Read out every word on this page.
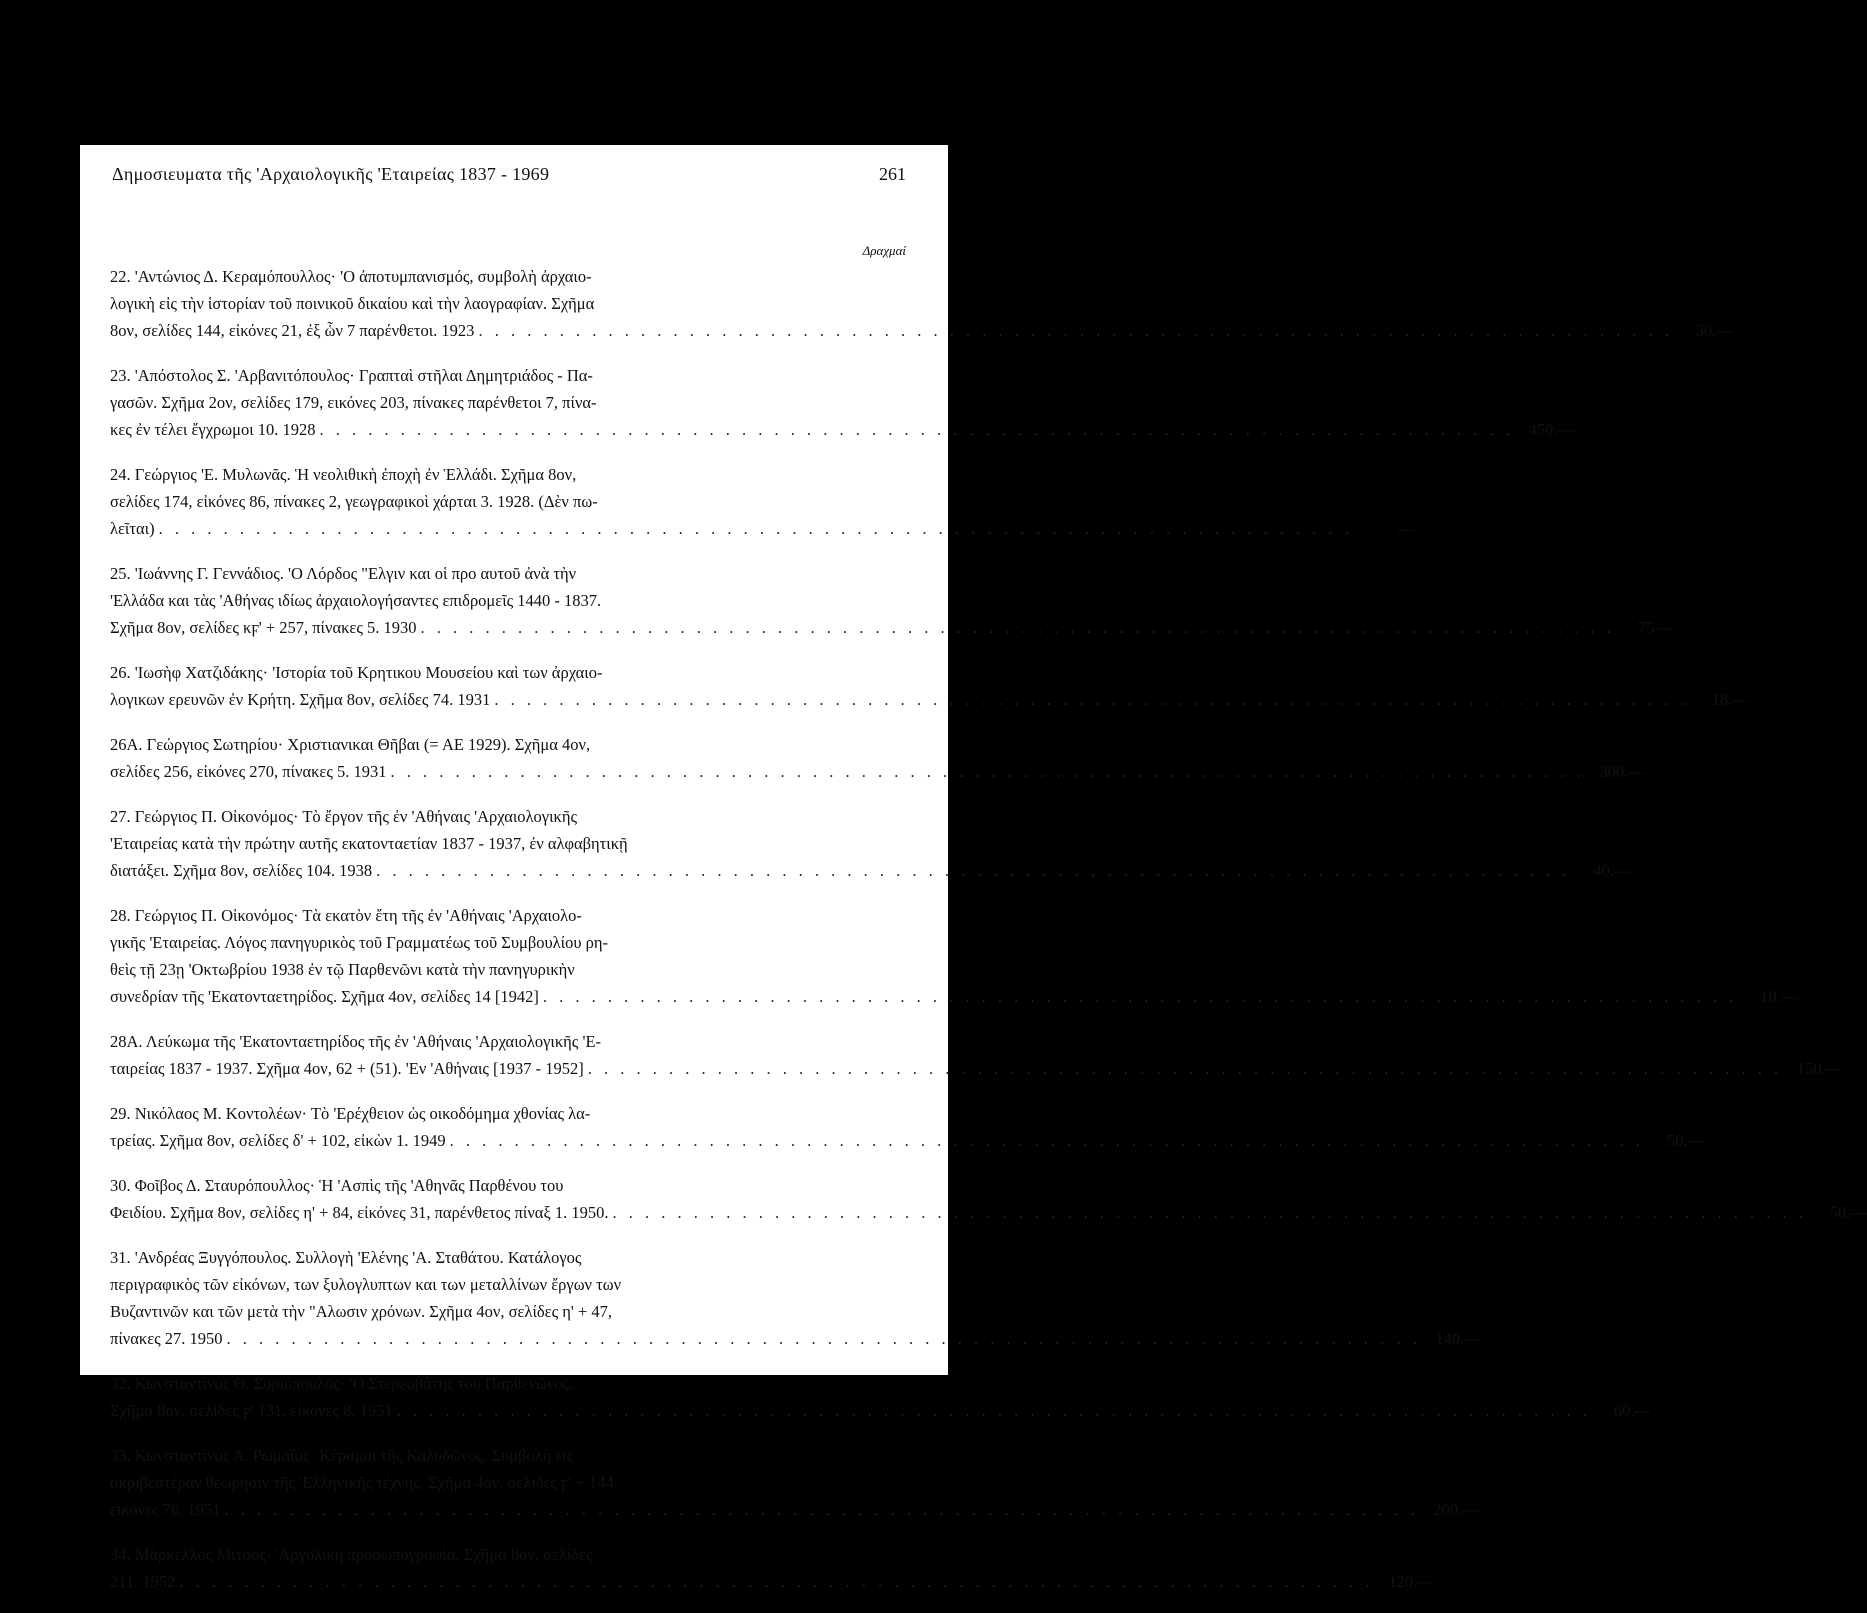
Δημοσιευματα τῆς 'Αρχαιολογικῆς 'Εταιρείας 1837 - 1969	261
Δραχμαί
22. 'Αντώνιος Δ. Κεραμόπουλλος· 'Ο ἀποτυμπανισμός, συμβολὴ ἀρχαιο-
λογικὴ εἰς τὴν ἱστορίαν τοῦ ποινικοῦ δικαίου καὶ τὴν λαογραφίαν. Σχῆμα
8ον, σελίδες 144, εἰκόνες 21, ἐξ ὧν 7 παρένθετοι. 1923 . . .	30.—
23. 'Απόστολος Σ. 'Αρβανιτόπουλος· Γραπταὶ στῆλαι Δημητριάδος - Πα-
γασῶν. Σχῆμα 2ον, σελίδες 179, εικόνες 203, πίνακες παρένθετοι 7, πίνα-
κες ἐν τέλει ἔγχρωμοι 10. 1928 . . .	450.—
24. Γεώργιος 'Ε. Μυλωνᾶς. Ἡ νεολιθικὴ ἐποχὴ ἐν Ἑλλάδι. Σχῆμα 8ον,
σελίδες 174, εἰκόνες 86, πίνακες 2, γεωγραφικοὶ χάρται 3. 1928. (Δὲν πω-
λεῖται) . . .	—
25. 'Ιωάννης Γ. Γεννάδιος. 'Ο Λόρδος "Ελγιν και οἱ προ αυτοῦ ἀνὰ τὴν
'Ελλάδα και τὰς 'Αθήνας ιδίως ἀρχαιολογήσαντες επιδρομεῖς 1440 - 1837.
Σχῆμα 8ον, σελίδες κϝ' + 257, πίνακες 5. 1930 . . .	75 —
26. 'Ιωσὴφ Χατζιδάκης· 'Ιστορία τοῦ Κρητικου Μουσείου καὶ των ἀρχαιο-
λογικων ερευνῶν ἐν Κρήτη. Σχῆμα 8ον, σελίδες 74. 1931 . . .	18.—
26Α. Γεώργιος Σωτηρίου· Χριστιανικαι Θῆβαι (= ΑΕ 1929). Σχῆμα 4ον,
σελίδες 256, εἰκόνες 270, πίνακες 5. 1931 . . .	300.—
27. Γεώργιος Π. Οἰκονόμος· Τὸ ἔργον τῆς ἐν 'Αθήναις 'Αρχαιολογικῆς
'Εταιρείας κατὰ τὴν πρώτην αυτῆς εκατονταετίαν 1837 - 1937, ἐν αλφαβητικῇ
διατάξει. Σχῆμα 8ον, σελίδες 104. 1938 . . .	40.—
28. Γεώργιος Π. Οἰκονόμος· Τὰ εκατὸν ἔτη τῆς ἐν 'Αθήναις 'Αρχαιολο-
γικῆς 'Εταιρείας. Λόγος πανηγυρικὸς τοῦ Γραμματέως τοῦ Συμβουλίου ρη-
θεὶς τῇ 23ῃ 'Οκτωβρίου 1938 ἐν τῷ Παρθενῶνι κατὰ τὴν πανηγυρικὴν
συνεδρίαν τῆς 'Εκατονταετηρίδος. Σχῆμα 4ον, σελίδες 14 [1942] . . .	10.—
28Α. Λεύκωμα τῆς 'Εκατονταετηρίδος τῆς ἐν 'Αθήναις 'Αρχαιολογικῆς 'Ε-
ταιρείας 1837 - 1937. Σχῆμα 4ον, 62 + (51). 'Εν 'Αθήναις [1937 - 1952] . . .	150.—
29. Νικόλαος Μ. Κοντολέων· Τὸ 'Ερέχθειον ὡς οικοδόμημα χθονίας λα-
τρείας. Σχῆμα 8ον, σελίδες δ' + 102, εἰκὼν 1. 1949 . . .	50.—
30. Φοῖβος Δ. Σταυρόπουλλος· Ἡ 'Ασπὶς τῆς 'Αθηνᾶς Παρθένου του
Φειδίου. Σχῆμα 8ον, σελίδες η' + 84, εἰκόνες 31, παρένθετος πίναξ 1. 1950. . . .	50.—
31. 'Ανδρέας Ξυγγόπουλος. Συλλογὴ 'Ελένης 'Α. Σταθάτου. Κατάλογος
περιγραφικὸς τῶν εἰκόνων, των ξυλογλυπτων και των μεταλλίνων ἔργων των
Βυζαντινῶν και τῶν μετὰ τὴν "Αλωσιν χρόνων. Σχῆμα 4ον, σελίδες η' + 47,
πίνακες 27. 1950 . . .	140.—
32. Κωνσταντῖνος Θ. Συριόπουλος· 'Ο Στερεοβάτης του Παρθενῶνος.
Σχῆμα 8ον, σελίδες ϝ' 131, εἰκόνες 8. 1951 . . .	60.—
33. Κωνσταντῖνος Α. Ρωμαῖος· Κέραμοι τῆς Καλυδῶνος. Συμβολὴ εις
ἀκριβεστέραν θεώρησιν τῆς 'Ελληνικῆς τέχνης. Σχῆμα 4ον, σελίδες ϝ' + 144,
εἰκόνες 76. 1951 . . .	200.—
34. Μάρκελλος Μιτσός· 'Αργολικὴ προσωπογραφία. Σχῆμα 8ον, σελίδες
211. 1952 . . .	120.—
